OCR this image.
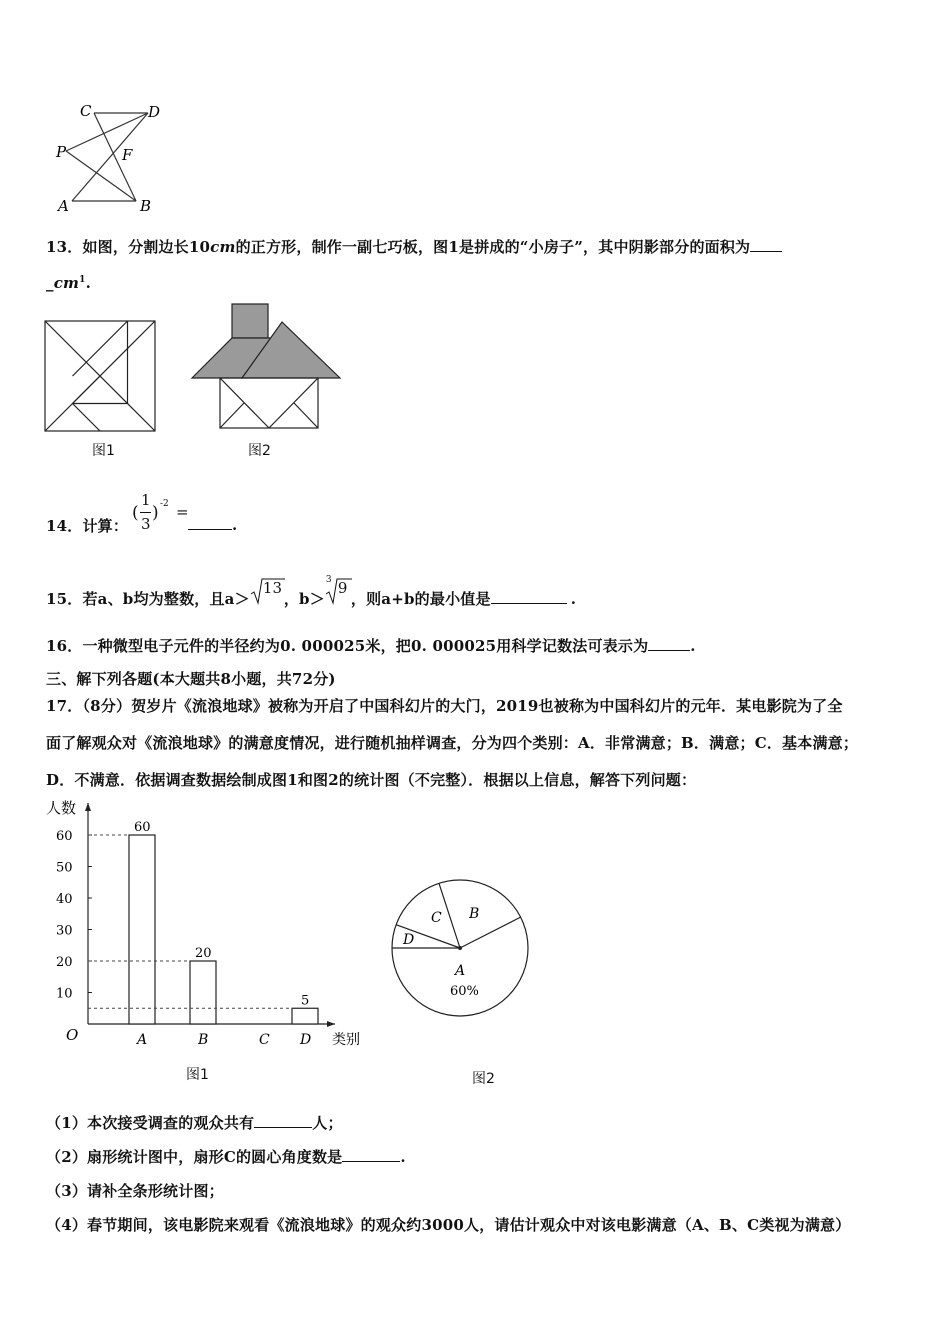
C	D
P	F
A	B
13．如图，分割边长10cm的正方形，制作一副七巧板，图1是拼成的“小房子”，其中阴影部分的面积为
$\_cm^1$.
图1	图2
14．计算：
(
1
3
) -2 =
.
15．若a、b均为整数，且a＞
13
，b＞
3 9
，则a+b的最小值是	.
16．一种微型电子元件的半径约为0. 000025米，把0. 000025用科学记数法可表示为	.
三、解下列各题(本大题共8小题，共72分)
17．（8分）贺岁片《流浪地球》被称为开启了中国科幻片的大门，2019也被称为中国科幻片的元年．某电影院为了全
面了解观众对《流浪地球》的满意度情况，进行随机抽样调查，分为四个类别：A．非常满意；B．满意；C．基本满意；
D．不满意．依据调查数据绘制成图1和图2的统计图（不完整）．根据以上信息，解答下列问题：
人数
类别
O
10
20
30
40
50
60
A
60
B
20
C D
5
图1
A
60%
B
C
D
图2
（1）本次接受调查的观众共有	人；
（2）扇形统计图中，扇形C的圆心角度数是	.
（3）请补全条形统计图；
（4）春节期间，该电影院来观看《流浪地球》的观众约3000人，请估计观众中对该电影满意（A、B、C类视为满意）
